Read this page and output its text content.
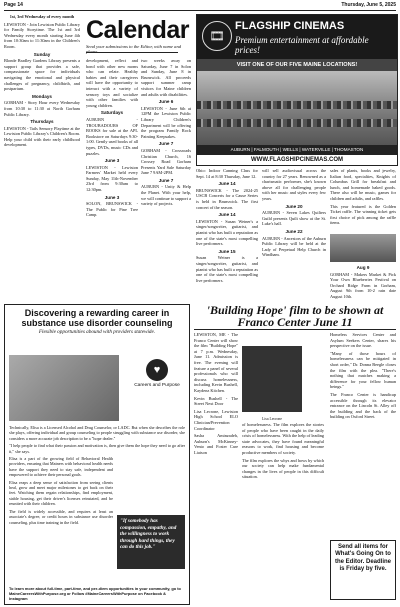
Page 14	Thursday, June 5, 2025

1st, 3rd Wednesday of every month

LEWISTON - Join Lewiston Public Library for Family Storytime. The 1st and 3rd Wednesday every month starting June 4th from 10:30am to 11:30am in the Children's Room.

Sunday

Blonde Bradley Gardens Library presents a support group that provides a safe, compassionate space for individuals navigating the emotional and physical challenges of pregnancy, childbirth, and postpartum.

Mondays

GORHAM - Story Hour every Wednesday from 10:30 to 11:30 at North Gorham Public Library.

Thursdays

LEWISTON - Tails Sensory Playtime at the Lewiston Public Library's Children's Room. Help your child with their early childhood development.

Calendar
Send your submissions to the Editor, with name and phone.

development, reflect and bond with other new moms who can relate. Healthy babies and their caregivers will have the opportunity to interact with a variety of sensory toys and socialize with other families with young children.

Saturdays

AUBURN - TROUBADOURS OF BOOKS for sale at the APL Bookstore on Saturdays 9:30-1:00. Gently used books of all types, DVDs, music CDs and puzzles.

June 3

LEWISTON - Lewiston Farmers' Market held every Sunday, May 11th-November 23rd from 9:30am to 12:30pm.

June 3

SOLON, BRUNSWICK - The Public for Pine Tree Camp.

two weeks away on Saturday, June 7 in Solon and Sunday, June 8 in Brunswick. All proceeds support summer camp visitors for Maine children and adults with disabilities.

June 6

LEWISTON - June 6th at 12PM the Lewiston Public Library Children's Department will be offering the program Family Rock Painting Keepsakes.

June 7

GORHAM - Crossroads Christian Church, 16 Crossey Road Gorham Presents Yard Sale Saturday June 7 9AM-2PM.

June 7

AUBURN - Unity & Help the Planet. With your help, we will continue to support a variety of projects.

🎞
FLAGSHIP CINEMAS
Premium entertainment at affordable prices!
VISIT ONE OF OUR FIVE MAINE LOCATIONS!
AUBURN | FALMOUTH | WELLS | WATERVILLE | THOMASTON
WWW.FLAGSHIPCINEMAS.COM

Ohio: Indoor Canning Class for Sept. 14 at 8:30 Thursday, June 12.

June 14

BRUNSWICK - The 2024-25 USCB Concerts for a Cause Series is held in Brunswick. The first concert of the season.

June 14

LEWISTON - Susan Weiner's a singer/songwriter, guitarist, and pianist who has built a reputation as one of the state's most compelling live performers.

June 15

Susan Weiner is a singer/songwriter, guitarist, and pianist who has built a reputation as one of the state's most compelling live performers.

will sell audiovisual across the country for 27 years. Renowned as a charismatic performer, she's known above all for challenging people with her music and styles every few years.

June 20

AUBURN - Seven Lakes Quilters Guild presents Quilt show at the St. Luke's hall.

June 22

AUBURN - Ancestors of the Auburn Public Library will be held at the Lady of Perpetual Help Church in Windham.

sales of plants, books and jewelry, Italian food, specialties, Knights of Columbus Grill for breakfast and lunch, and homemade baked goods. There also will be music, games for children and adults, and raffles.

This year featured is the Golden Ticket raffle. The winning ticket gets first choice of pick among the raffle items.

Aug 9

GORHAM - Makers Market & Pick Your Own Blueberries Festival on Orchard Ridge Farm in Gorham, August 9th from 10-2 rain date August 10th.

Discovering a rewarding career in substance use disorder counseling
Flexible opportunities abound with providers statewide.
♥
Careers and Purpose

Technically, Elisa is a Licensed Alcohol and Drug Counselor, or LADC. But when she describes the role she plays, offering individual and group counseling to people struggling with substance use disorder, she considers a more accurate job description to be a "hope dealer."

"I help people to find what their passion and motivation is, then give them the hope they need to go after it," she says.

Elisa is a part of the growing field of Behavioral Health providers, ensuring that Mainers with behavioral health needs have the support they need to stay safe, independent and empowered to achieve their personal goals.

Elisa reaps a deep sense of satisfaction from seeing clients heal, grow and meet major milestones to get back on their feet. Watching them regain relationships, find employment, stable housing, get their driver's licenses reinstated, and be reunited with their children.

The field is widely accessible, and requires at least an associate's degree, or credit hours in substance use disorder counseling, plus time training in the field.	"If somebody has compassion, empathy, and the willingness to work through hard things, they can do this job."
To learn more about full-time, part-time, and per-diem opportunities in your community, go to MaineCareersWithPurpose.org or Follow #MaineCareersWithPurpose on Facebook & Instagram
'Building Hope' film to be shown at Franco Center June 11

LEWISTON, ME - The Franco Center will show the film "Building Hope" at 7 p.m. Wednesday, June 11. Admission is free. The evening will feature a panel of several professionals who will discuss homelessness, including Kevin Bushell, Kaydenz Kitchen.

Kevin Bushell - The Street Next Door

Lisa Lecrone, Lewiston High School ELO Clinician/Prevention Coordinator

Sasha Aminzadeh, Auburn's McKinney-Vento and Foster Care Liaison

Lisa Lecrone

of homelessness. The film explores the stories of people who have been caught in the daily crisis of homelessness. With the help of leading state advocates, they have found meaningful reasons to work, find housing and become productive members of society.

The film explores the whys and hows by which our society can help make fundamental changes in the lives of people in this difficult situation.

Homeless Services Center and Asylum Seekers Center, shares his perspective on the issue.

"Many of those hours of homelessness can be mitigated in short order," Dr. Donna Beegle closes the film with the plea. "There's nothing that matches making a difference for your fellow human beings."

The Franco Center is handicap accessible through its elevator entrance on the Lincoln St. Alley off the building and the back of the building on Oxford Street.

Send all items for What's Going On to the Editor. Deadline is Friday by five.
